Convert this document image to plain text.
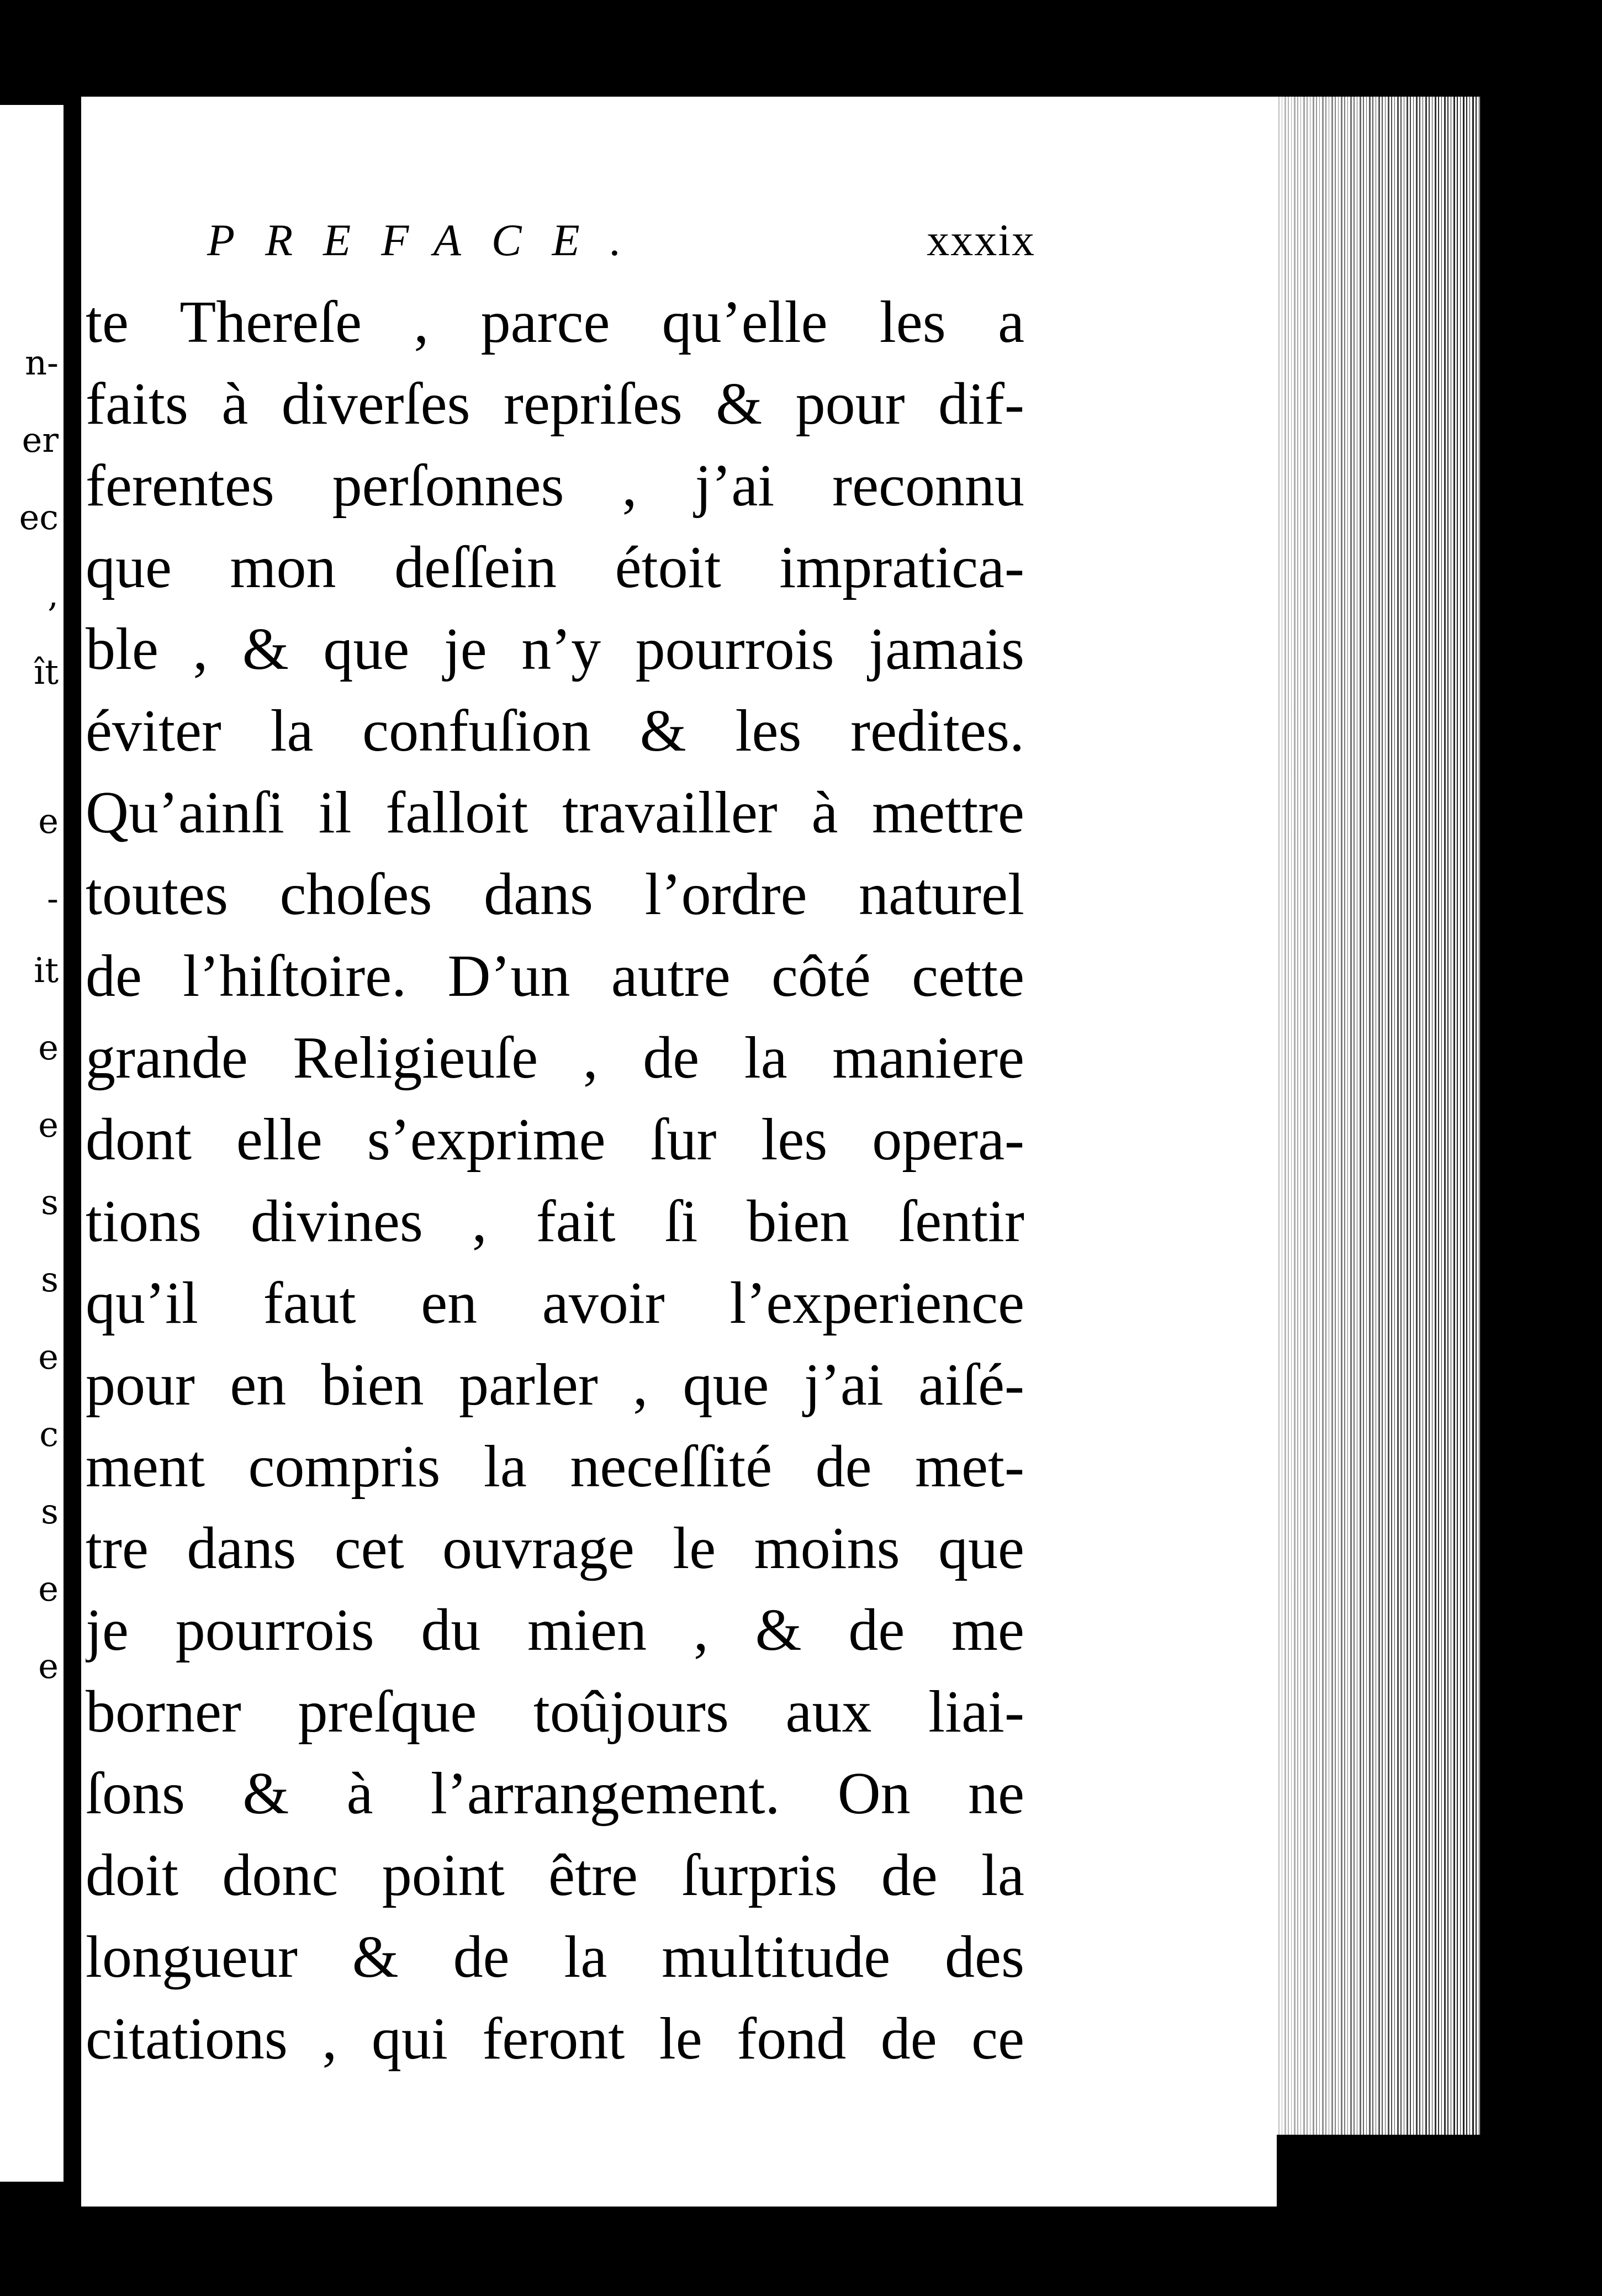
n-
er
ec
,
ît
e
-
it
e
e
s
s
e
c
s
e
e
PREFACE.	xxxix
te Thereſe , parce qu’elle les a
faits à diverſes repriſes & pour dif-
ferentes perſonnes , j’ai reconnu
que mon deſſein étoit impratica-
ble , & que je n’y pourrois jamais
éviter la confuſion & les redites.
Qu’ainſi il falloit travailler à mettre
toutes choſes dans l’ordre naturel
de l’hiſtoire. D’un autre côté cette
grande Religieuſe , de la maniere
dont elle s’exprime ſur les opera-
tions divines , fait ſi bien ſentir
qu’il faut en avoir l’experience
pour en bien parler , que j’ai aiſé-
ment compris la neceſſité de met-
tre dans cet ouvrage le moins que
je pourrois du mien , & de me
borner preſque toûjours aux liai-
ſons & à l’arrangement. On ne
doit donc point être ſurpris de la
longueur & de la multitude des
citations , qui feront le fond de ce
